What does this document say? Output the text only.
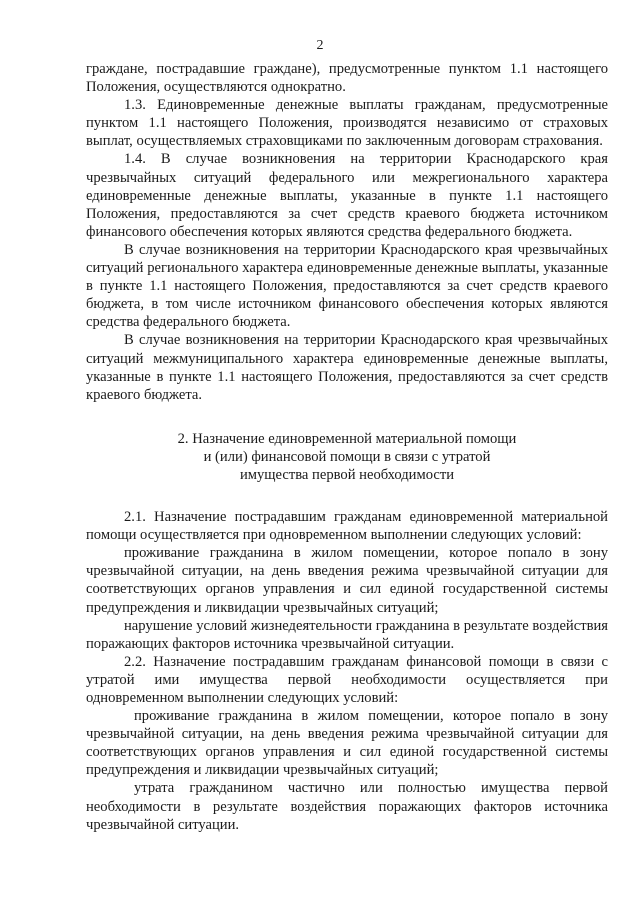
2

граждане, пострадавшие граждане), предусмотренные пунктом 1.1 настоящего Положения, осуществляются однократно.

1.3. Единовременные денежные выплаты гражданам, предусмотренные пунктом 1.1 настоящего Положения, производятся независимо от страховых выплат, осуществляемых страховщиками по заключенным договорам страхования.

1.4. В случае возникновения на территории Краснодарского края чрезвычайных ситуаций федерального или межрегионального характера единовременные денежные выплаты, указанные в пункте 1.1 настоящего Положения, предоставляются за счет средств краевого бюджета источником финансового обеспечения которых являются средства федерального бюджета.

В случае возникновения на территории Краснодарского края чрезвычайных ситуаций регионального характера единовременные денежные выплаты, указанные в пункте 1.1 настоящего Положения, предоставляются за счет средств краевого бюджета, в том числе источником финансового обеспечения которых являются средства федерального бюджета.

В случае возникновения на территории Краснодарского края чрезвычайных ситуаций межмуниципального характера единовременные денежные выплаты, указанные в пункте 1.1 настоящего Положения, предоставляются за счет средств краевого бюджета.

2. Назначение единовременной материальной помощи
и (или) финансовой помощи в связи с утратой
имущества первой необходимости

2.1. Назначение пострадавшим гражданам единовременной материальной помощи осуществляется при одновременном выполнении следующих условий:

проживание гражданина в жилом помещении, которое попало в зону чрезвычайной ситуации, на день введения режима чрезвычайной ситуации для соответствующих органов управления и сил единой государственной системы предупреждения и ликвидации чрезвычайных ситуаций;

нарушение условий жизнедеятельности гражданина в результате воздействия поражающих факторов источника чрезвычайной ситуации.

2.2. Назначение пострадавшим гражданам финансовой помощи в связи с утратой ими имущества первой необходимости осуществляется при одновременном выполнении следующих условий:

проживание гражданина в жилом помещении, которое попало в зону чрезвычайной ситуации, на день введения режима чрезвычайной ситуации для соответствующих органов управления и сил единой государственной системы предупреждения и ликвидации чрезвычайных ситуаций;

утрата гражданином частично или полностью имущества первой необходимости в результате воздействия поражающих факторов источника чрезвычайной ситуации.
